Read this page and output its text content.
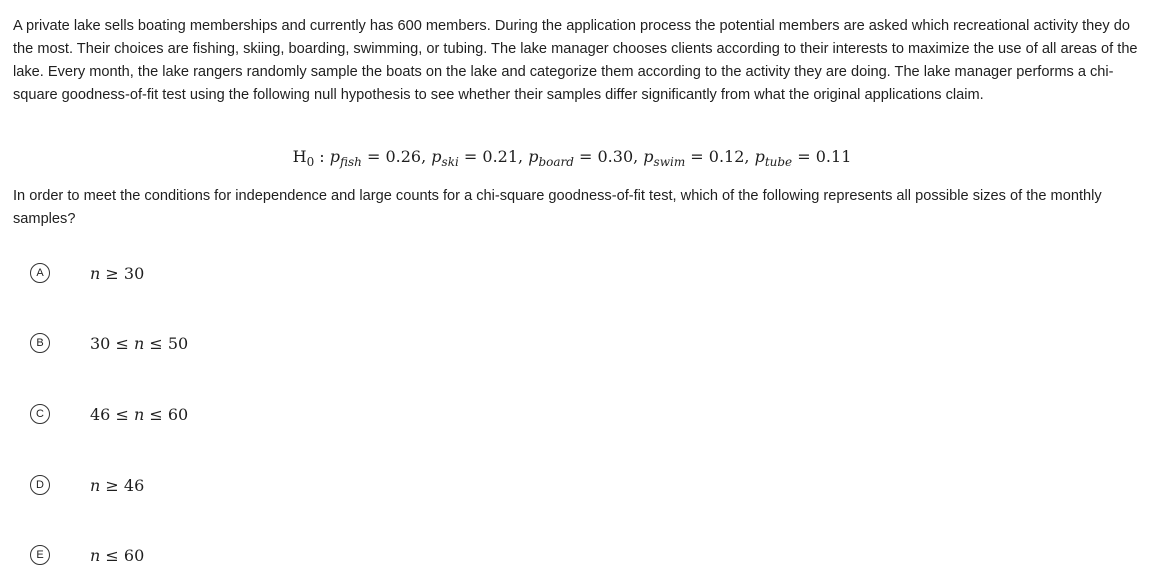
A private lake sells boating memberships and currently has 600 members. During the application process the potential members are asked which recreational activity they do the most. Their choices are fishing, skiing, boarding, swimming, or tubing. The lake manager chooses clients according to their interests to maximize the use of all areas of the lake. Every month, the lake rangers randomly sample the boats on the lake and categorize them according to the activity they are doing. The lake manager performs a chi-square goodness-of-fit test using the following null hypothesis to see whether their samples differ significantly from what the original applications claim.

$H_0$ : $p_{fish} = 0.26$, $p_{ski} = 0.21$, $p_{board} = 0.30$, $p_{swim} = 0.12$, $p_{tube} = 0.11$

In order to meet the conditions for independence and large counts for a chi-square goodness-of-fit test, which of the following represents all possible sizes of the monthly samples?

A	n ≥ 30
B	30 ≤ n ≤ 50
C	46 ≤ n ≤ 60
D	n ≥ 46
E	n ≤ 60
